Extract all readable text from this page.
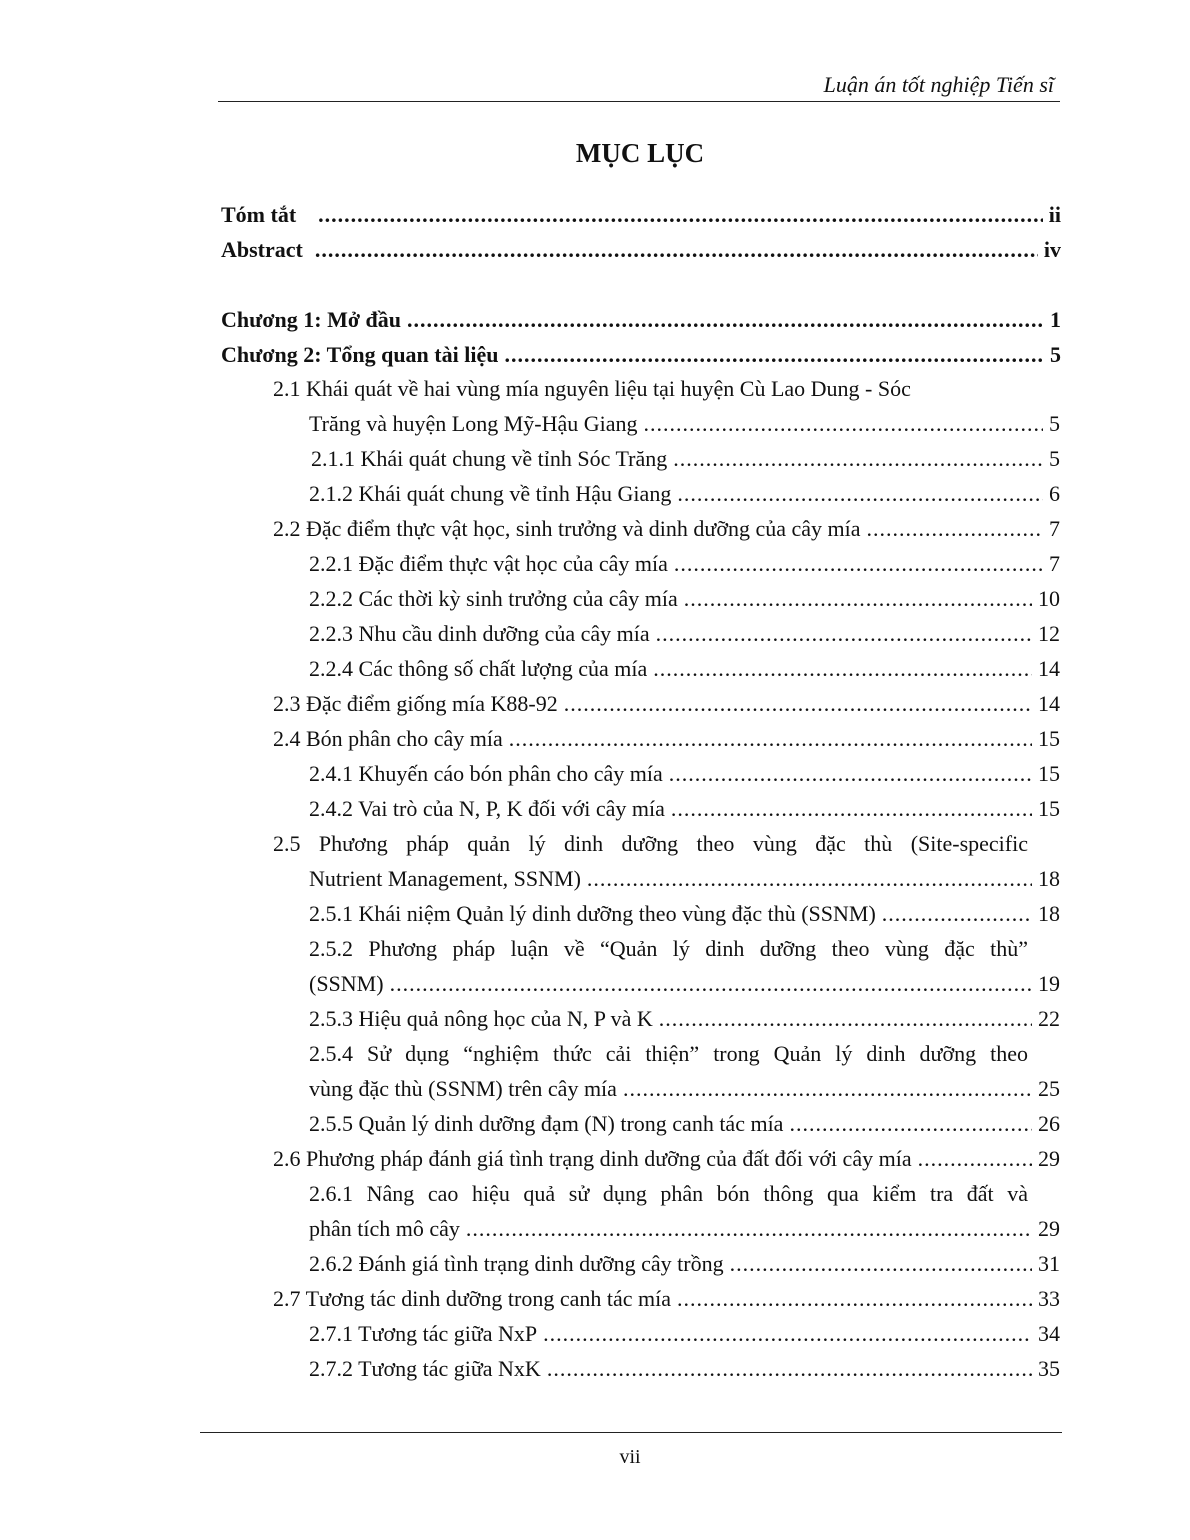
Luận án tốt nghiệp Tiến sĩ
MỤC LỤC
Tóm tắt .....	ii
Abstract .....	iv
Chương 1: Mở đầu .....	1
Chương 2: Tổng quan tài liệu .....	5
2.1 Khái quát về hai vùng mía nguyên liệu tại huyện Cù Lao Dung - Sóc
Trăng và huyện Long Mỹ-Hậu Giang .....	5
2.1.1 Khái quát chung về tỉnh Sóc Trăng .....	5
2.1.2 Khái quát chung về tỉnh Hậu Giang .....	6
2.2 Đặc điểm thực vật học, sinh trưởng và dinh dưỡng của cây mía .....	7
2.2.1 Đặc điểm thực vật học của cây mía .....	7
2.2.2 Các thời kỳ sinh trưởng của cây mía .....	10
2.2.3 Nhu cầu dinh dưỡng của cây mía .....	12
2.2.4 Các thông số chất lượng của mía .....	14
2.3 Đặc điểm giống mía K88-92 .....	14
2.4 Bón phân cho cây mía .....	15
2.4.1 Khuyến cáo bón phân cho cây mía .....	15
2.4.2 Vai trò của N, P, K đối với cây mía .....	15
2.5 Phương pháp quản lý dinh dưỡng theo vùng đặc thù (Site-specific
Nutrient Management, SSNM) .....	18
2.5.1 Khái niệm Quản lý dinh dưỡng theo vùng đặc thù (SSNM) .....	18
2.5.2 Phương pháp luận về “Quản lý dinh dưỡng theo vùng đặc thù”
(SSNM) .....	19
2.5.3 Hiệu quả nông học của N, P và K .....	22
2.5.4 Sử dụng “nghiệm thức cải thiện” trong Quản lý dinh dưỡng theo
vùng đặc thù (SSNM) trên cây mía .....	25
2.5.5 Quản lý dinh dưỡng đạm (N) trong canh tác mía .....	26
2.6 Phương pháp đánh giá tình trạng dinh dưỡng của đất đối với cây mía .....	29
2.6.1 Nâng cao hiệu quả sử dụng phân bón thông qua kiểm tra đất và
phân tích mô cây .....	29
2.6.2 Đánh giá tình trạng dinh dưỡng cây trồng .....	31
2.7 Tương tác dinh dưỡng trong canh tác mía .....	33
2.7.1 Tương tác giữa NxP .....	34
2.7.2 Tương tác giữa NxK .....	35
vii
